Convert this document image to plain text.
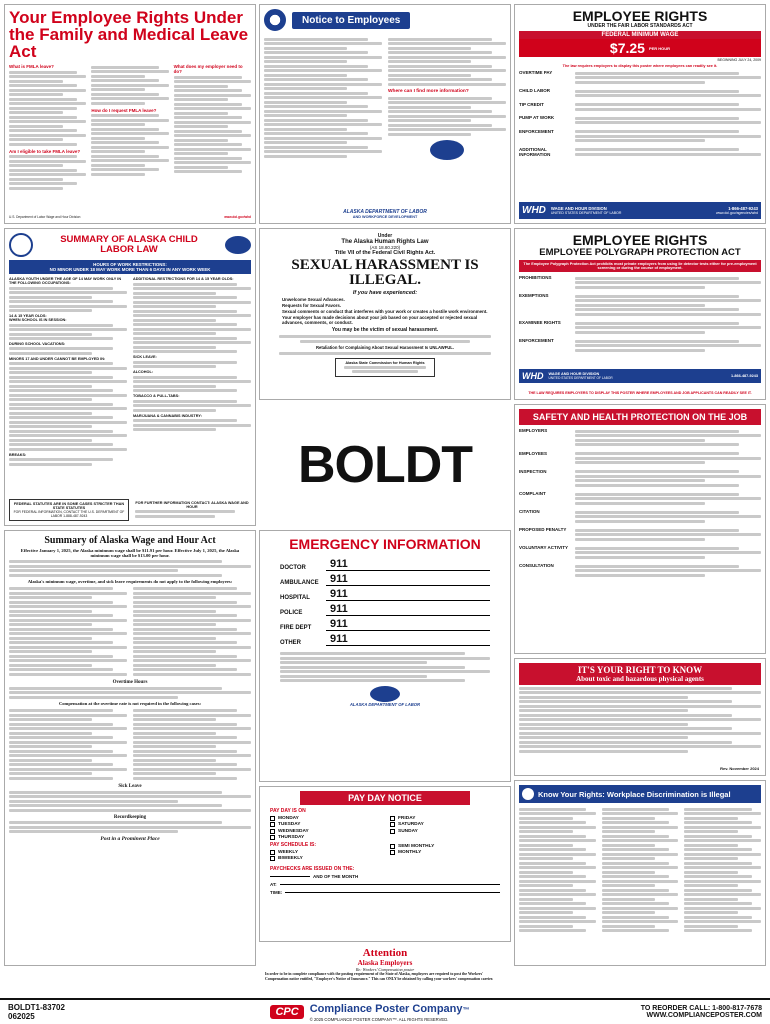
Your Employee Rights Under the Family and Medical Leave Act
What is FMLA leave?
Am I eligible to take FMLA leave?
How do I request FMLA leave?
What does my employer need to do?
U.S. Department of Labor Wage and Hour Division	www.dol.gov/whd
Notice to Employees
Where can I find more information?
ALASKA DEPARTMENT OF LABOR
AND WORKFORCE DEVELOPMENT
EMPLOYEE RIGHTS
UNDER THE FAIR LABOR STANDARDS ACT
FEDERAL MINIMUM WAGE
$7.25 PER HOUR
BEGINNING JULY 24, 2009
The law requires employers to display this poster where employees can readily see it.
OVERTIME PAY
CHILD LABOR
TIP CREDIT
PUMP AT WORK
ENFORCEMENT
ADDITIONAL INFORMATION
WHD WAGE AND HOUR DIVISION
UNITED STATES DEPARTMENT OF LABOR
1-866-487-9243
www.dol.gov/agencies/whd
SUMMARY OF ALASKA CHILD LABOR LAW
HOURS OF WORK RESTRICTIONS:
NO MINOR UNDER 18 MAY WORK MORE THAN 6 DAYS IN ANY WORK WEEK
ALASKA YOUTH UNDER THE AGE OF 14 MAY WORK ONLY IN THE FOLLOWING OCCUPATIONS:
14 & 15 YEAR OLDS:
WHEN SCHOOL IS IN SESSION:
DURING SCHOOL VACATIONS:
MINORS 17 AND UNDER CANNOT BE EMPLOYED IN:
BREAKS:
ADDITIONAL RESTRICTIONS FOR 14 & 15 YEAR OLDS:
SICK LEAVE:
ALCOHOL:
TOBACCO & PULL-TABS:
MARIJUANA & CANNABIS INDUSTRY:
FEDERAL STATUTES ARE IN SOME CASES STRICTER THAN STATE STATUTES
FOR FEDERAL INFORMATION, CONTACT THE U.S. DEPARTMENT OF LABOR 1-888-487-9243
FOR FURTHER INFORMATION CONTACT: ALASKA WAGE AND HOUR
Under
The Alaska Human Rights Law
(AS 18.80.220)
Title VII of the Federal Civil Rights Act.
SEXUAL HARASSMENT IS ILLEGAL.
If you have experienced:
Unwelcome Sexual Advances.
Requests for Sexual Favors.
Sexual comments or conduct that interferes with your work or creates a hostile work environment.
Your employer has made decisions about your job based on your accepted or rejected sexual advances, comments, or conduct.
You may be the victim of sexual harassment.
Retaliation for Complaining About Sexual Harassment Is UNLAWFUL.
Alaska State Commission for Human Rights
EMPLOYEE RIGHTS
EMPLOYEE POLYGRAPH PROTECTION ACT
The Employee Polygraph Protection Act prohibits most private employers from using lie detector tests either for pre-employment screening or during the course of employment.
PROHIBITIONS
EXEMPTIONS
EXAMINEE RIGHTS
ENFORCEMENT
WHD WAGE AND HOUR DIVISION
UNITED STATES DEPARTMENT OF LABOR	1-866-487-9243
THE LAW REQUIRES EMPLOYERS TO DISPLAY THIS POSTER WHERE EMPLOYEES AND JOB APPLICANTS CAN READILY SEE IT.
BOLDT
SAFETY AND HEALTH PROTECTION ON THE JOB
EMPLOYERS
EMPLOYEES
INSPECTION
COMPLAINT
CITATION
PROPOSED PENALTY
VOLUNTARY ACTIVITY
CONSULTATION
EMERGENCY INFORMATION
DOCTOR	911
AMBULANCE	911
HOSPITAL	911
POLICE	911
FIRE DEPT	911
OTHER	911
ALASKA DEPARTMENT OF LABOR
Summary of Alaska Wage and Hour Act
Effective January 1, 2025, the Alaska minimum wage shall be $11.91 per hour. Effective July 1, 2025, the Alaska minimum wage shall be $13.00 per hour.
Alaska's minimum wage, overtime, and sick leave requirements do not apply to the following employees:
Overtime Hours
Compensation at the overtime rate is not required in the following cases:
Sick Leave
Recordkeeping
Post in a Prominent Place
IT'S YOUR RIGHT TO KNOW
About toxic and hazardous physical agents
Rev. November 2024
PAY DAY NOTICE
PAY DAY IS ON
MONDAY
TUESDAY
WEDNESDAY
THURSDAY
PAY SCHEDULE IS:
WEEKLY
BIWEEKLY
FRIDAY
SATURDAY
SUNDAY
SEMI MONTHLY
MONTHLY
PAYCHECKS ARE ISSUED ON THE:
AND OF THE MONTH
AT:
TIME:
Know Your Rights: Workplace Discrimination is Illegal
Attention
Alaska Employers
Re: Workers' Compensation poster
In order to be in complete compliance with the posting requirement of the State of Alaska, employers are required to post the Workers' Compensation notice entitled, "Employer's Notice of Insurance." This can ONLY be obtained by calling your workers' compensation carrier.
BOLDT1-83702
062025	CPC	Compliance Poster Company™
© 2025 COMPLIANCE POSTER COMPANY™. ALL RIGHTS RESERVED.
TO REORDER CALL: 1-800-817-7678
WWW.COMPLIANCEPOSTER.COM
